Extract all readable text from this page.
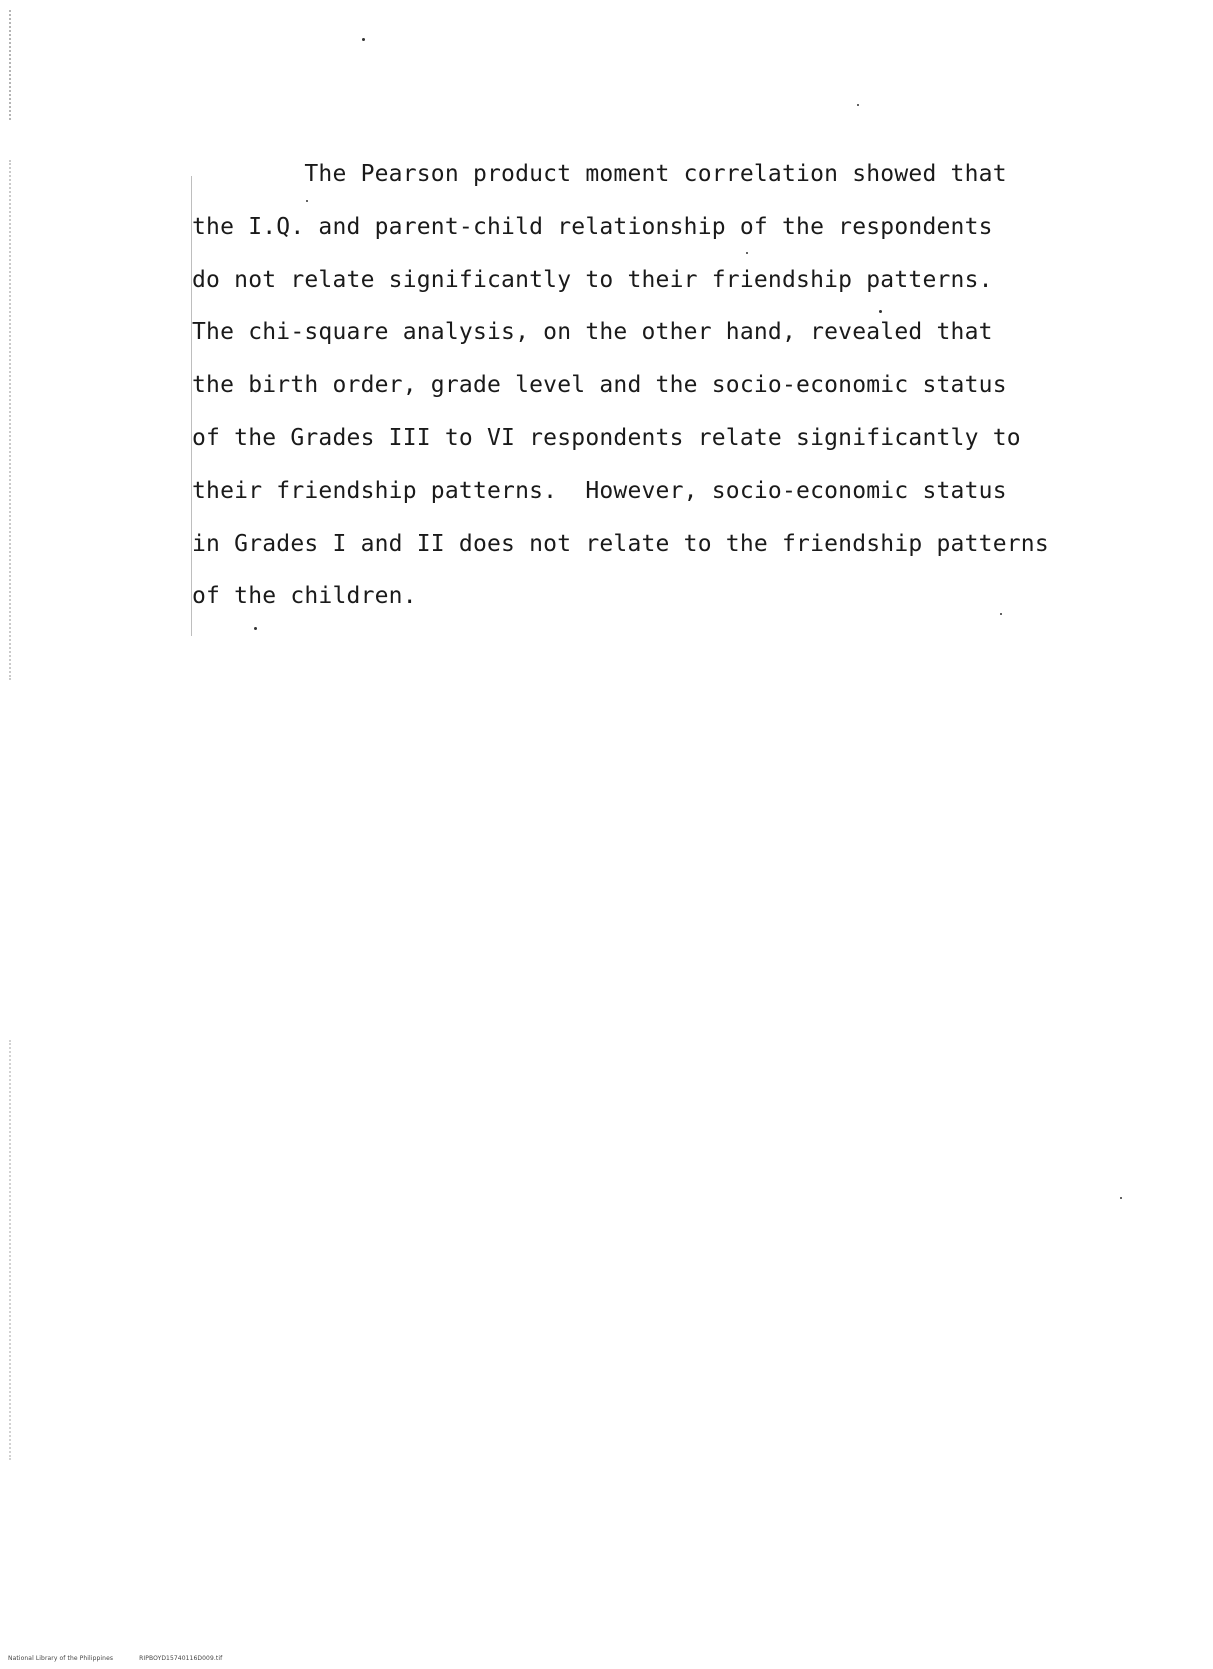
The Pearson product moment correlation showed that
the I.Q. and parent-child relationship of the respondents
do not relate significantly to their friendship patterns.
The chi-square analysis, on the other hand, revealed that
the birth order, grade level and the socio-economic status
of the Grades III to VI respondents relate significantly to
their friendship patterns.  However, socio-economic status
in Grades I and II does not relate to the friendship patterns
of the children.

National Library of the Philippines	RIPBOYD15740116D009.tif
